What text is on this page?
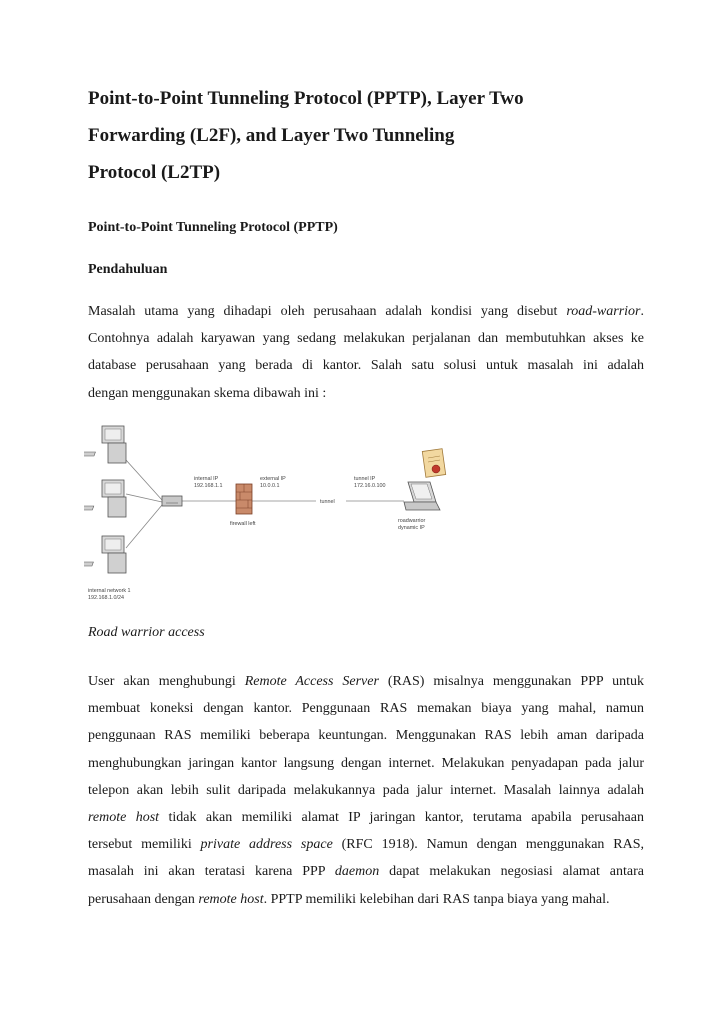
Point-to-Point Tunneling Protocol (PPTP), Layer Two
Forwarding (L2F), and Layer Two Tunneling
Protocol (L2TP)
Point-to-Point Tunneling Protocol (PPTP)
Pendahuluan
Masalah utama yang dihadapi oleh perusahaan adalah kondisi yang disebut road-warrior.
Contohnya adalah karyawan yang sedang melakukan perjalanan dan membutuhkan akses ke
database perusahaan yang berada di kantor. Salah satu solusi untuk masalah ini adalah
dengan menggunakan skema dibawah ini :

Road warrior access

User akan menghubungi Remote Access Server (RAS) misalnya menggunakan PPP untuk
membuat koneksi dengan kantor. Penggunaan RAS memakan biaya yang mahal, namun
penggunaan RAS memiliki beberapa keuntungan. Menggunakan RAS lebih aman daripada
menghubungkan jaringan kantor langsung dengan internet. Melakukan penyadapan pada jalur
telepon akan lebih sulit daripada melakukannya pada jalur internet. Masalah lainnya adalah
remote host tidak akan memiliki alamat IP jaringan kantor, terutama apabila perusahaan
tersebut memiliki private address space (RFC 1918). Namun dengan menggunakan RAS,
masalah ini akan teratasi karena PPP daemon dapat melakukan negosiasi alamat antara
perusahaan dengan remote host. PPTP memiliki kelebihan dari RAS tanpa biaya yang mahal.
internal IP
192.168.1.1
external IP
10.0.0.1
tunnel
tunnel IP
172.16.0.100
firewall left	roadwarrior
dynamic IP
internal network 1
192.168.1.0/24
